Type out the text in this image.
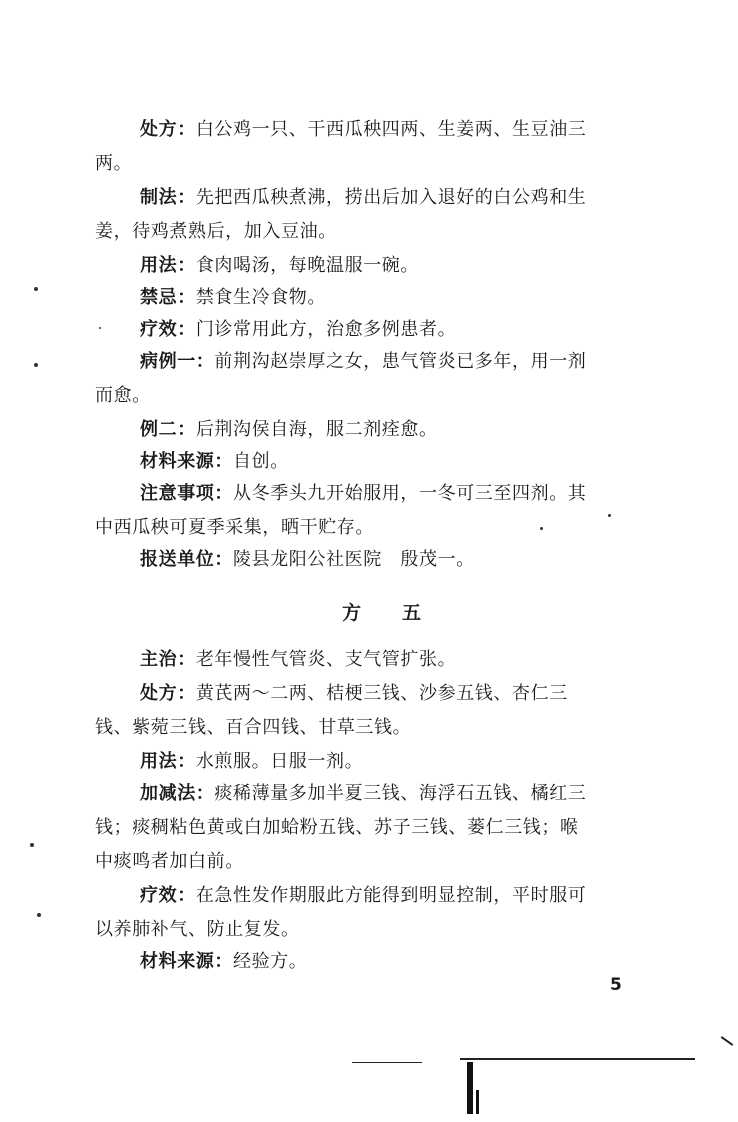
处方：白公鸡一只、干西瓜秧四两、生姜两、生豆油三
两。
制法：先把西瓜秧煮沸，捞出后加入退好的白公鸡和生
姜，待鸡煮熟后，加入豆油。
用法：食肉喝汤，每晚温服一碗。
禁忌：禁食生冷食物。
疗效：门诊常用此方，治愈多例患者。
病例一：前荆沟赵崇厚之女，患气管炎已多年，用一剂
而愈。
例二：后荆沟侯自海，服二剂痊愈。
材料来源：自创。
注意事项：从冬季头九开始服用，一冬可三至四剂。其
中西瓜秧可夏季采集，晒干贮存。
报送单位：陵县龙阳公社医院　殷茂一。
方　　五
主治：老年慢性气管炎、支气管扩张。
处方：黄芪两～二两、桔梗三钱、沙参五钱、杏仁三
钱、紫菀三钱、百合四钱、甘草三钱。
用法：水煎服。日服一剂。
加减法：痰稀薄量多加半夏三钱、海浮石五钱、橘红三
钱；痰稠粘色黄或白加蛤粉五钱、苏子三钱、蒌仁三钱；喉
中痰鸣者加白前。
疗效：在急性发作期服此方能得到明显控制，平时服可
以养肺补气、防止复发。
材料来源：经验方。
5
